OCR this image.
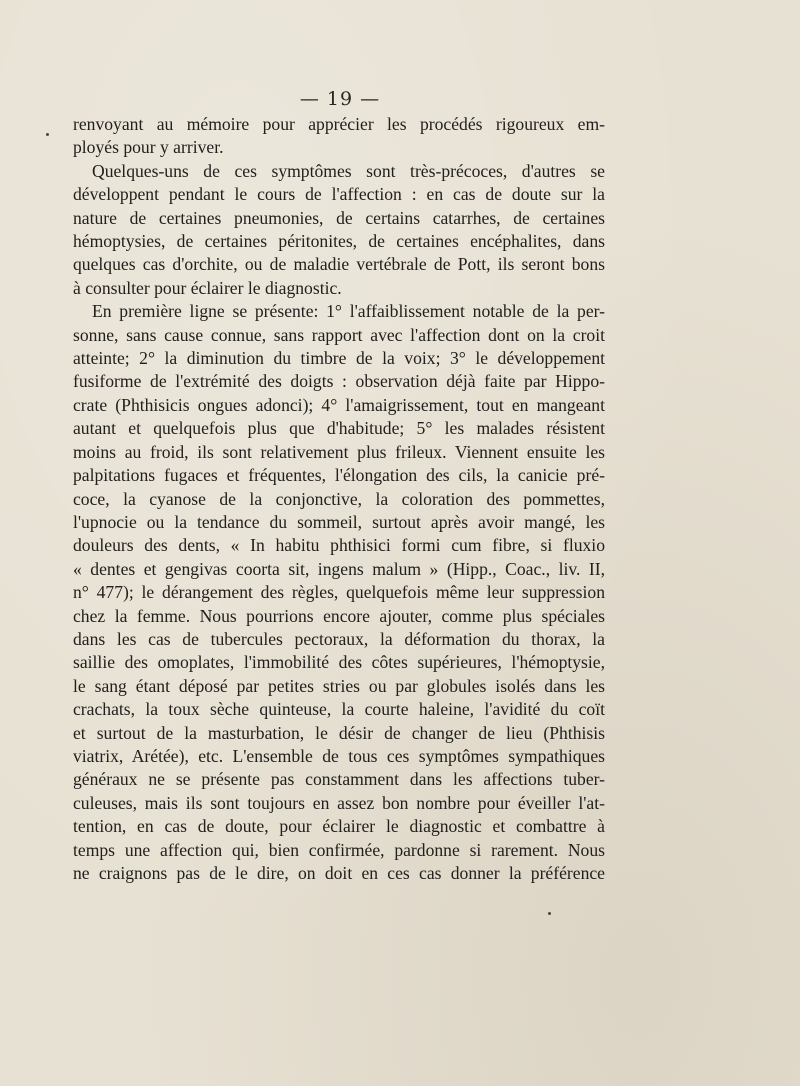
— 19 —
renvoyant au mémoire pour apprécier les procédés rigoureux em-
ployés pour y arriver.
Quelques-uns de ces symptômes sont très-précoces, d'autres se
développent pendant le cours de l'affection : en cas de doute sur la
nature de certaines pneumonies, de certains catarrhes, de certaines
hémoptysies, de certaines péritonites, de certaines encéphalites, dans
quelques cas d'orchite, ou de maladie vertébrale de Pott, ils seront bons
à consulter pour éclairer le diagnostic.
En première ligne se présente: 1° l'affaiblissement notable de la per-
sonne, sans cause connue, sans rapport avec l'affection dont on la croit
atteinte; 2° la diminution du timbre de la voix; 3° le développement
fusiforme de l'extrémité des doigts : observation déjà faite par Hippo-
crate (Phthisicis ongues adonci); 4° l'amaigrissement, tout en mangeant
autant et quelquefois plus que d'habitude; 5° les malades résistent
moins au froid, ils sont relativement plus frileux. Viennent ensuite les
palpitations fugaces et fréquentes, l'élongation des cils, la canicie pré-
coce, la cyanose de la conjonctive, la coloration des pommettes,
l'upnocie ou la tendance du sommeil, surtout après avoir mangé, les
douleurs des dents, « In habitu phthisici formi cum fibre, si fluxio
« dentes et gengivas coorta sit, ingens malum » (Hipp., Coac., liv. II,
n° 477); le dérangement des règles, quelquefois même leur suppression
chez la femme. Nous pourrions encore ajouter, comme plus spéciales
dans les cas de tubercules pectoraux, la déformation du thorax, la
saillie des omoplates, l'immobilité des côtes supérieures, l'hémoptysie,
le sang étant déposé par petites stries ou par globules isolés dans les
crachats, la toux sèche quinteuse, la courte haleine, l'avidité du coït
et surtout de la masturbation, le désir de changer de lieu (Phthisis
viatrix, Arétée), etc. L'ensemble de tous ces symptômes sympathiques
généraux ne se présente pas constamment dans les affections tuber-
culeuses, mais ils sont toujours en assez bon nombre pour éveiller l'at-
tention, en cas de doute, pour éclairer le diagnostic et combattre à
temps une affection qui, bien confirmée, pardonne si rarement. Nous
ne craignons pas de le dire, on doit en ces cas donner la préférence
